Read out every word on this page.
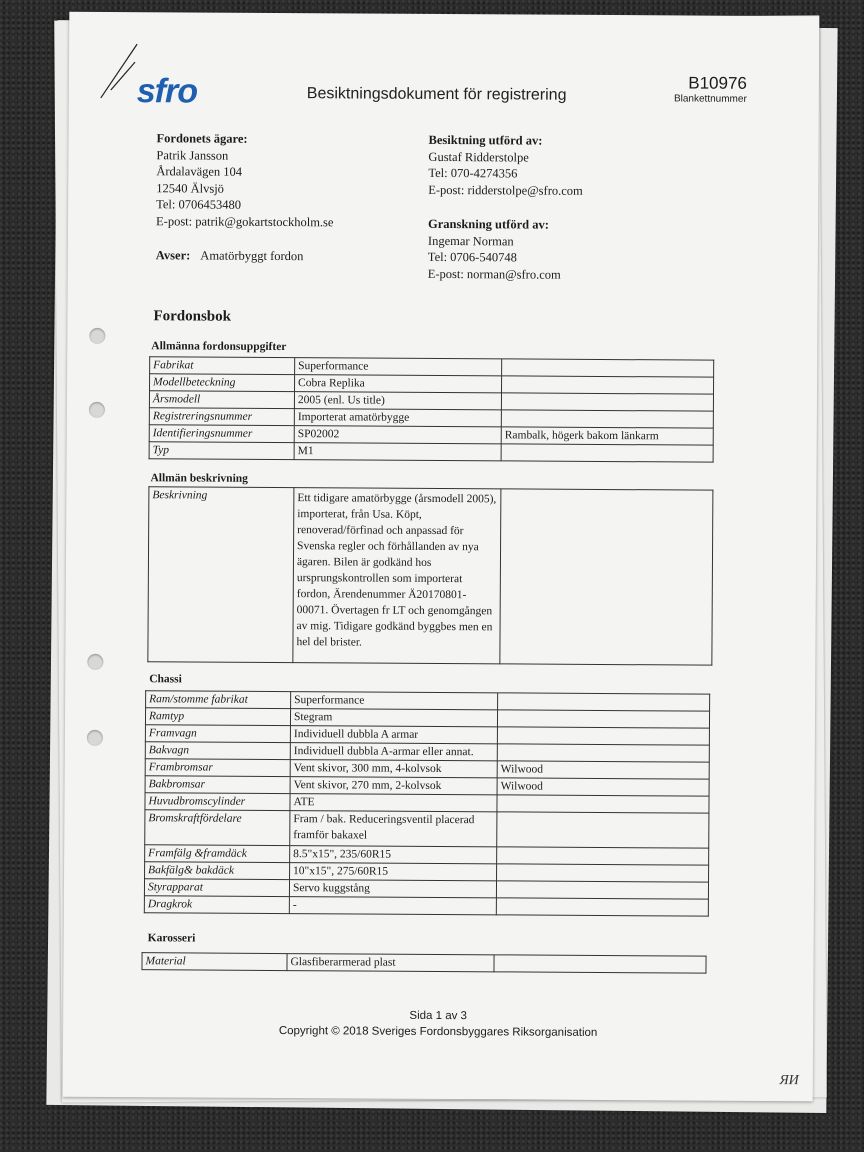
sfro	Besiktningsdokument för registrering
B10976
Blankettnummer
Fordonets ägare:
Patrik Jansson
Årdalavägen 104
12540 Älvsjö
Tel: 0706453480
E-post: patrik@gokartstockholm.se
Besiktning utförd av:
Gustaf Ridderstolpe
Tel: 070-4274356
E-post: ridderstolpe@sfro.com
Granskning utförd av:
Ingemar Norman
Tel: 0706-540748
E-post: norman@sfro.com
Avser: Amatörbyggt fordon
Fordonsbok
Allmänna fordonsuppgifter
Fabrikat	Superformance	
Modellbeteckning	Cobra Replika	
Årsmodell	2005 (enl. Us title)	
Registreringsnummer	Importerat amatörbygge	
Identifieringsnummer	SP02002	Rambalk, högerk bakom länkarm
Typ	M1	
Allmän beskrivning
Beskrivning	Ett tidigare amatörbygge (årsmodell 2005), importerat, från Usa. Köpt, renoverad/förfinad och anpassad för Svenska regler och förhållanden av nya ägaren. Bilen är godkänd hos ursprungskontrollen som importerat fordon, Ärendenummer Ä20170801-00071. Övertagen fr LT och genomgången av mig. Tidigare godkänd byggbes men en hel del brister.	
Chassi
Ram/stomme fabrikat	Superformance	
Ramtyp	Stegram	
Framvagn	Individuell dubbla A armar	
Bakvagn	Individuell dubbla A-armar eller annat.	
Frambromsar	Vent skivor, 300 mm, 4-kolvsok	Wilwood
Bakbromsar	Vent skivor, 270 mm, 2-kolvsok	Wilwood
Huvudbromscylinder	ATE	
Bromskraftfördelare	Fram / bak. Reduceringsventil placerad framför bakaxel	
Framfälg &framdäck	8.5"x15", 235/60R15	
Bakfälg& bakdäck	10"x15", 275/60R15	
Styrapparat	Servo kuggstång	
Dragkrok	-	
Karosseri
Material	Glasfiberarmerad plast	
Sida 1 av 3
Copyright © 2018 Sveriges Fordonsbyggares Riksorganisation
ЯИ
